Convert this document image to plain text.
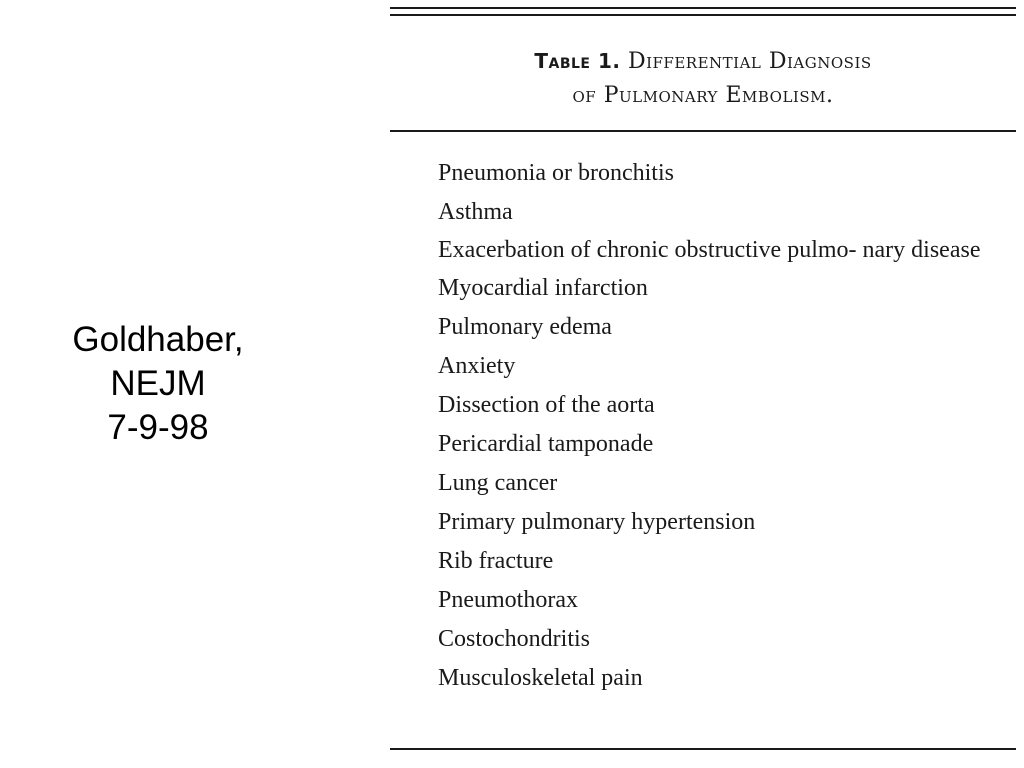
Goldhaber,
NEJM
7-9-98
Table 1. Differential Diagnosis
of Pulmonary Embolism.
Pneumonia or bronchitis
Asthma
Exacerbation of chronic obstructive pulmo- nary disease
Myocardial infarction
Pulmonary edema
Anxiety
Dissection of the aorta
Pericardial tamponade
Lung cancer
Primary pulmonary hypertension
Rib fracture
Pneumothorax
Costochondritis
Musculoskeletal pain
